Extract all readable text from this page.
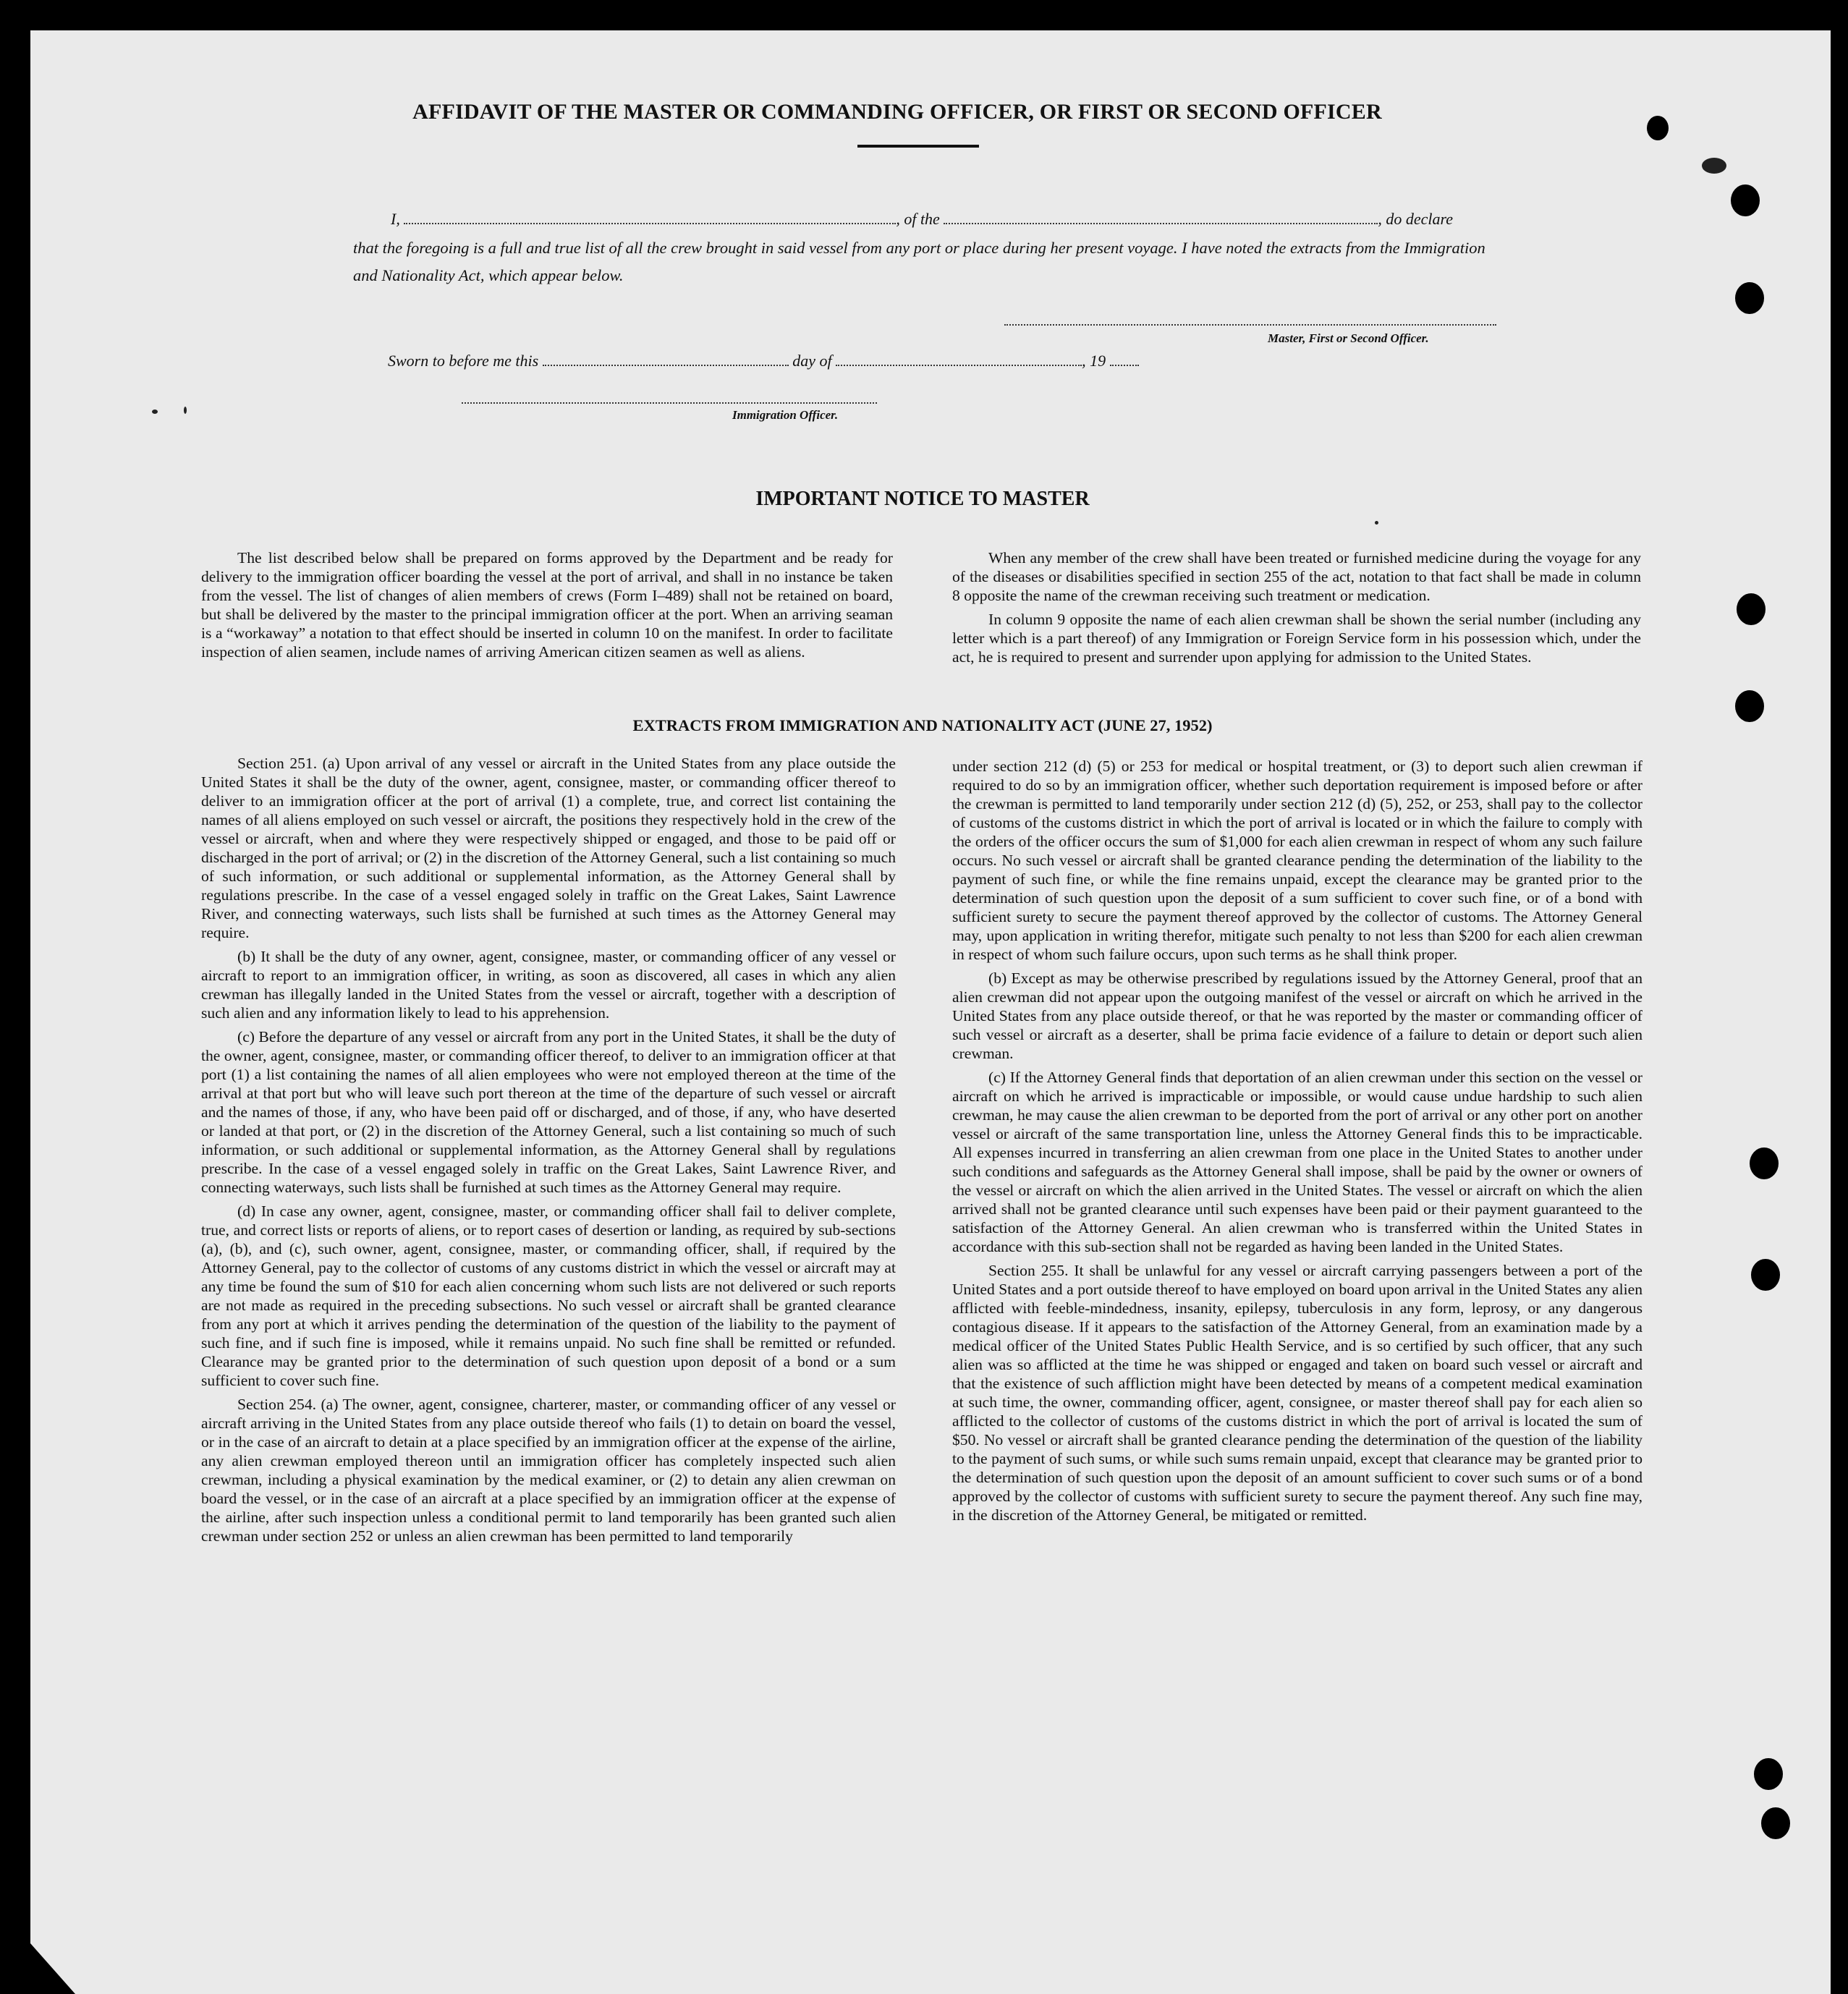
AFFIDAVIT OF THE MASTER OR COMMANDING OFFICER, OR FIRST OR SECOND OFFICER
I,	, of the	, do declare

that the foregoing is a full and true list of all the crew brought in said vessel from any port or place during her present voyage. I have noted the extracts from the Immigration and Nationality Act, which appear below.

Master, First or Second Officer.
Sworn to before me this	day of	, 19
Immigration Officer.
IMPORTANT NOTICE TO MASTER

The list described below shall be prepared on forms approved by the Department and be ready for delivery to the immigration officer boarding the vessel at the port of arrival, and shall in no instance be taken from the vessel. The list of changes of alien members of crews (Form I–489) shall not be retained on board, but shall be delivered by the master to the principal immigration officer at the port. When an arriving seaman is a “workaway” a notation to that effect should be inserted in column 10 on the manifest. In order to facilitate inspection of alien seamen, include names of arriving American citizen seamen as well as aliens.

When any member of the crew shall have been treated or furnished medicine during the voyage for any of the diseases or disabilities specified in section 255 of the act, notation to that fact shall be made in column 8 opposite the name of the crewman receiving such treatment or medication.

In column 9 opposite the name of each alien crewman shall be shown the serial number (including any letter which is a part thereof) of any Immigration or Foreign Service form in his possession which, under the act, he is required to present and surrender upon applying for admission to the United States.

EXTRACTS FROM IMMIGRATION AND NATIONALITY ACT (JUNE 27, 1952)

Section 251. (a) Upon arrival of any vessel or aircraft in the United States from any place outside the United States it shall be the duty of the owner, agent, consignee, master, or commanding officer thereof to deliver to an immigration officer at the port of arrival (1) a complete, true, and correct list containing the names of all aliens employed on such vessel or aircraft, the positions they respectively hold in the crew of the vessel or aircraft, when and where they were respectively shipped or engaged, and those to be paid off or discharged in the port of arrival; or (2) in the discretion of the Attorney General, such a list containing so much of such information, or such additional or supplemental information, as the Attorney General shall by regulations prescribe. In the case of a vessel engaged solely in traffic on the Great Lakes, Saint Lawrence River, and connecting waterways, such lists shall be furnished at such times as the Attorney General may require.

(b) It shall be the duty of any owner, agent, consignee, master, or commanding officer of any vessel or aircraft to report to an immigration officer, in writing, as soon as discovered, all cases in which any alien crewman has illegally landed in the United States from the vessel or aircraft, together with a description of such alien and any information likely to lead to his apprehension.

(c) Before the departure of any vessel or aircraft from any port in the United States, it shall be the duty of the owner, agent, consignee, master, or commanding officer thereof, to deliver to an immigration officer at that port (1) a list containing the names of all alien employees who were not employed thereon at the time of the arrival at that port but who will leave such port thereon at the time of the departure of such vessel or aircraft and the names of those, if any, who have been paid off or discharged, and of those, if any, who have deserted or landed at that port, or (2) in the discretion of the Attorney General, such a list containing so much of such information, or such additional or supplemental information, as the Attorney General shall by regulations prescribe. In the case of a vessel engaged solely in traffic on the Great Lakes, Saint Lawrence River, and connecting waterways, such lists shall be furnished at such times as the Attorney General may require.

(d) In case any owner, agent, consignee, master, or commanding officer shall fail to deliver complete, true, and correct lists or reports of aliens, or to report cases of desertion or landing, as required by sub-sections (a), (b), and (c), such owner, agent, consignee, master, or commanding officer, shall, if required by the Attorney General, pay to the collector of customs of any customs district in which the vessel or aircraft may at any time be found the sum of $10 for each alien concerning whom such lists are not delivered or such reports are not made as required in the preceding subsections. No such vessel or aircraft shall be granted clearance from any port at which it arrives pending the determination of the question of the liability to the payment of such fine, and if such fine is imposed, while it remains unpaid. No such fine shall be remitted or refunded. Clearance may be granted prior to the determination of such question upon deposit of a bond or a sum sufficient to cover such fine.

Section 254. (a) The owner, agent, consignee, charterer, master, or commanding officer of any vessel or aircraft arriving in the United States from any place outside thereof who fails (1) to detain on board the vessel, or in the case of an aircraft to detain at a place specified by an immigration officer at the expense of the airline, any alien crewman employed thereon until an immigration officer has completely inspected such alien crewman, including a physical examination by the medical examiner, or (2) to detain any alien crewman on board the vessel, or in the case of an aircraft at a place specified by an immigration officer at the expense of the airline, after such inspection unless a conditional permit to land temporarily has been granted such alien crewman under section 252 or unless an alien crewman has been permitted to land temporarily

under section 212 (d) (5) or 253 for medical or hospital treatment, or (3) to deport such alien crewman if required to do so by an immigration officer, whether such deportation requirement is imposed before or after the crewman is permitted to land temporarily under section 212 (d) (5), 252, or 253, shall pay to the collector of customs of the customs district in which the port of arrival is located or in which the failure to comply with the orders of the officer occurs the sum of $1,000 for each alien crewman in respect of whom any such failure occurs. No such vessel or aircraft shall be granted clearance pending the determination of the liability to the payment of such fine, or while the fine remains unpaid, except the clearance may be granted prior to the determination of such question upon the deposit of a sum sufficient to cover such fine, or of a bond with sufficient surety to secure the payment thereof approved by the collector of customs. The Attorney General may, upon application in writing therefor, mitigate such penalty to not less than $200 for each alien crewman in respect of whom such failure occurs, upon such terms as he shall think proper.

(b) Except as may be otherwise prescribed by regulations issued by the Attorney General, proof that an alien crewman did not appear upon the outgoing manifest of the vessel or aircraft on which he arrived in the United States from any place outside thereof, or that he was reported by the master or commanding officer of such vessel or aircraft as a deserter, shall be prima facie evidence of a failure to detain or deport such alien crewman.

(c) If the Attorney General finds that deportation of an alien crewman under this section on the vessel or aircraft on which he arrived is impracticable or impossible, or would cause undue hardship to such alien crewman, he may cause the alien crewman to be deported from the port of arrival or any other port on another vessel or aircraft of the same transportation line, unless the Attorney General finds this to be impracticable. All expenses incurred in transferring an alien crewman from one place in the United States to another under such conditions and safeguards as the Attorney General shall impose, shall be paid by the owner or owners of the vessel or aircraft on which the alien arrived in the United States. The vessel or aircraft on which the alien arrived shall not be granted clearance until such expenses have been paid or their payment guaranteed to the satisfaction of the Attorney General. An alien crewman who is transferred within the United States in accordance with this sub-section shall not be regarded as having been landed in the United States.

Section 255. It shall be unlawful for any vessel or aircraft carrying passengers between a port of the United States and a port outside thereof to have employed on board upon arrival in the United States any alien afflicted with feeble-mindedness, insanity, epilepsy, tuberculosis in any form, leprosy, or any dangerous contagious disease. If it appears to the satisfaction of the Attorney General, from an examination made by a medical officer of the United States Public Health Service, and is so certified by such officer, that any such alien was so afflicted at the time he was shipped or engaged and taken on board such vessel or aircraft and that the existence of such affliction might have been detected by means of a competent medical examination at such time, the owner, commanding officer, agent, consignee, or master thereof shall pay for each alien so afflicted to the collector of customs of the customs district in which the port of arrival is located the sum of $50. No vessel or aircraft shall be granted clearance pending the determination of the question of the liability to the payment of such sums, or while such sums remain unpaid, except that clearance may be granted prior to the determination of such question upon the deposit of an amount sufficient to cover such sums or of a bond approved by the collector of customs with sufficient surety to secure the payment thereof. Any such fine may, in the discretion of the Attorney General, be mitigated or remitted.
